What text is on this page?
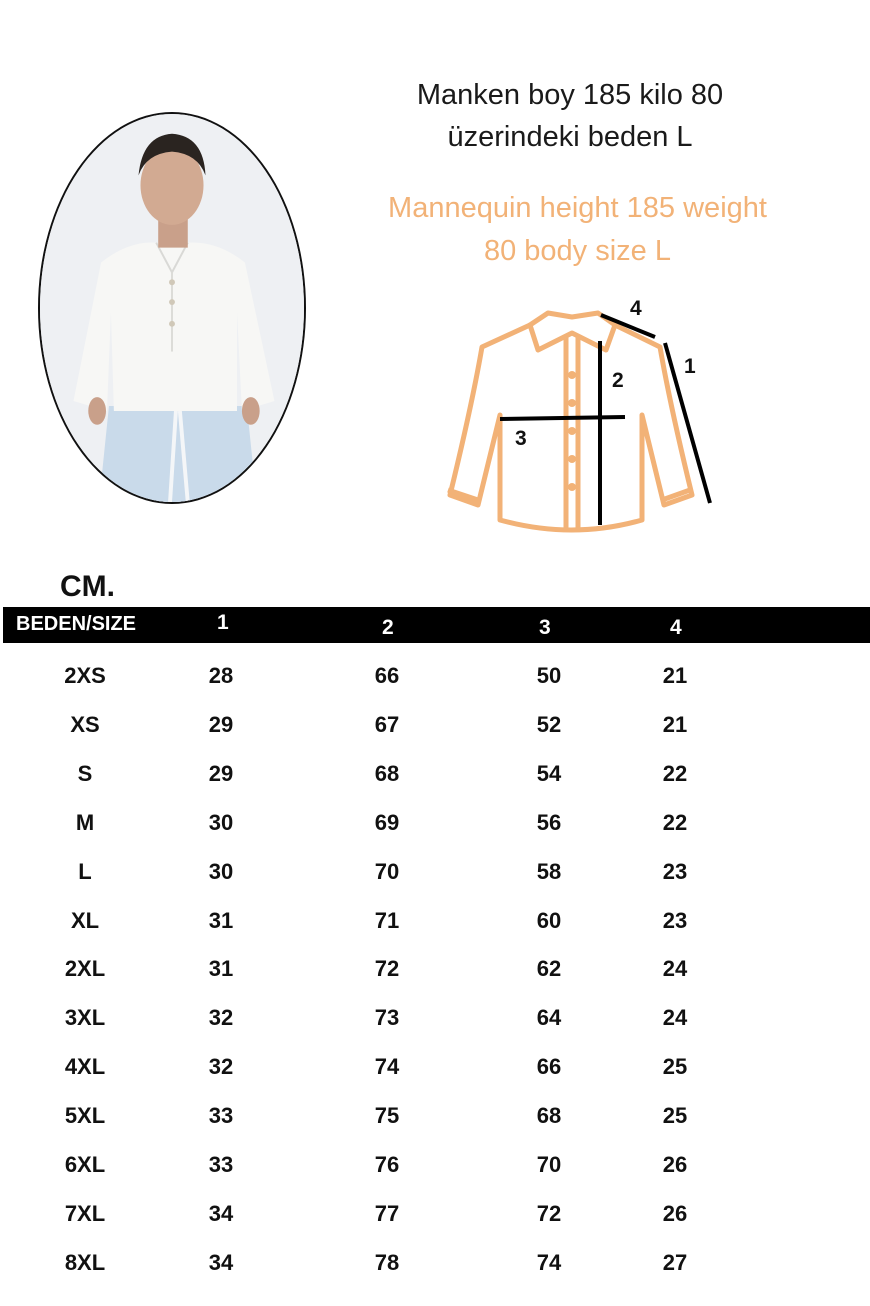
Manken boy 185 kilo 80
üzerindeki beden L
Mannequin height 185 weight
80 body size L
4
2
1
3
CM.
BEDEN/SIZE	1	2	3	4
2XS	28	66	50	21
XS	29	67	52	21
S	29	68	54	22
M	30	69	56	22
L	30	70	58	23
XL	31	71	60	23
2XL	31	72	62	24
3XL	32	73	64	24
4XL	32	74	66	25
5XL	33	75	68	25
6XL	33	76	70	26
7XL	34	77	72	26
8XL	34	78	74	27
